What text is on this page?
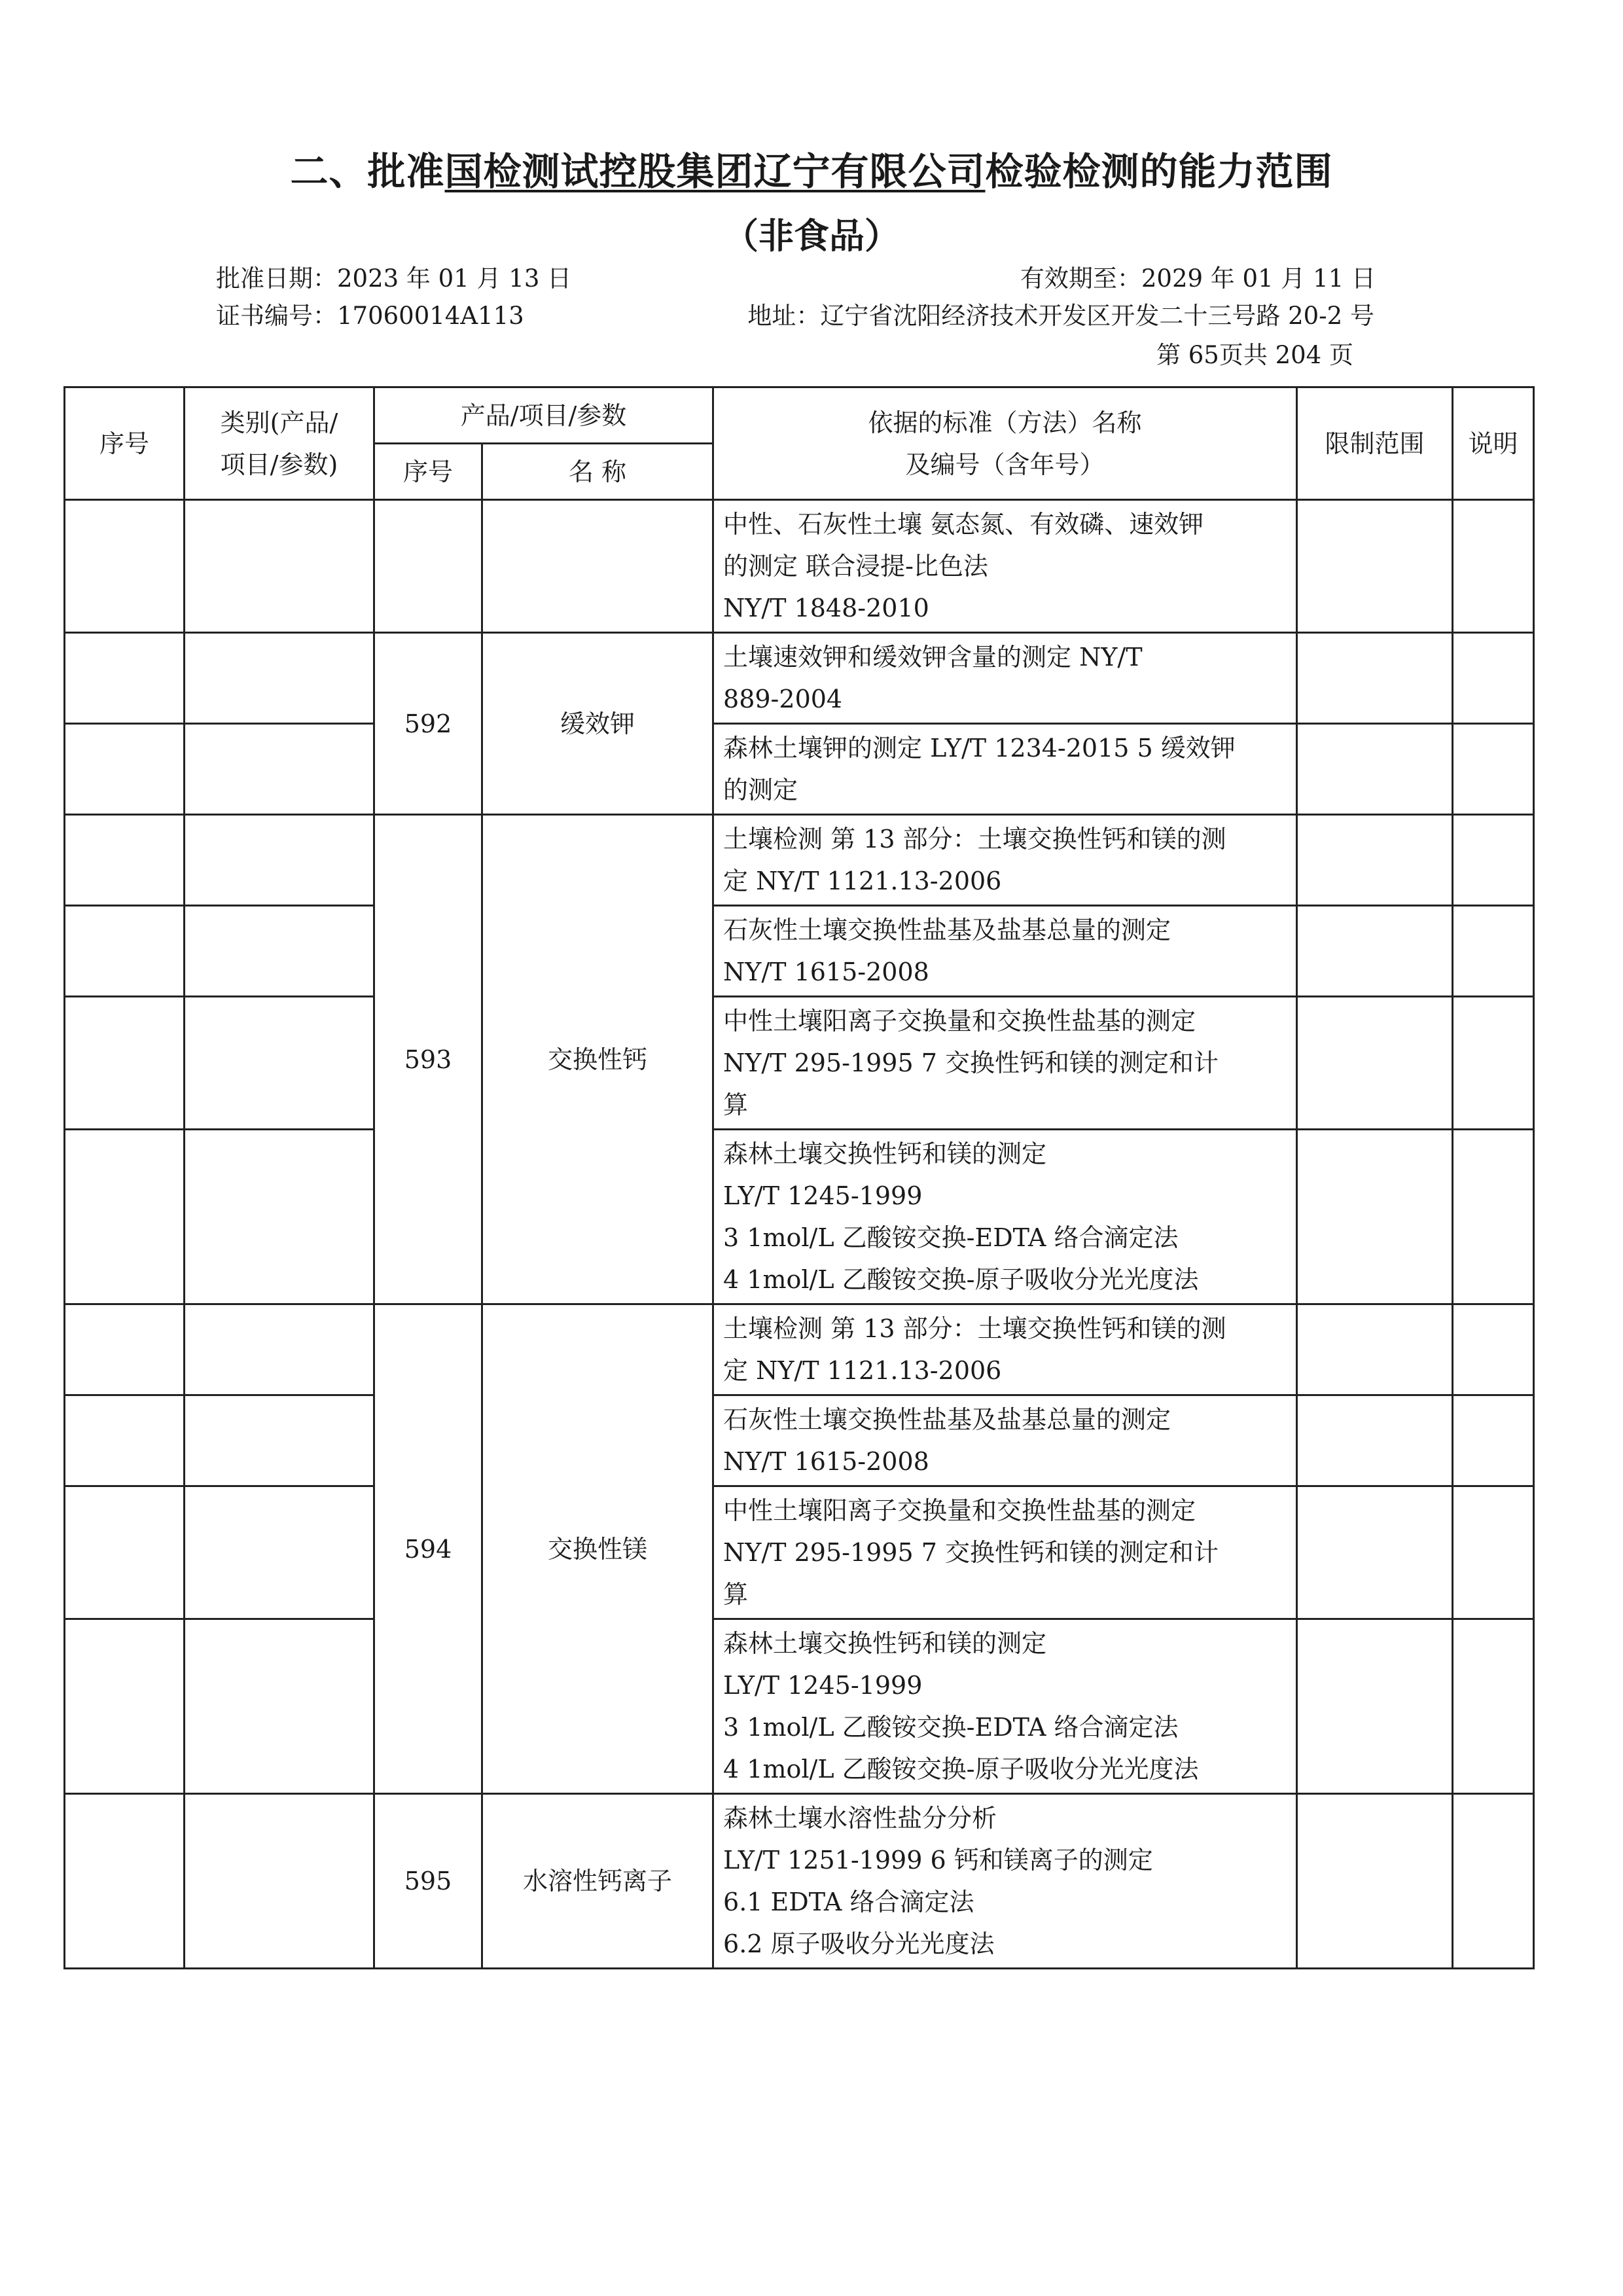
二、批准国检测试控股集团辽宁有限公司检验检测的能力范围
（非食品）
批准日期：2023 年 01 月 13 日	有效期至：2029 年 01 月 11 日
证书编号：17060014A113	地址：辽宁省沈阳经济技术开发区开发二十三号路 20-2 号
第 65页共 204 页
序号	类别(产品/
项目/参数)	产品/项目/参数		依据的标准（方法）名称
及编号（含年号）	限制范围	说明
		序号	名 称			

				中性、石灰性土壤 氨态氮、有效磷、速效钾
的测定 联合浸提-比色法
NY/T 1848-2010		

		592	缓效钾	土壤速效钾和缓效钾含量的测定 NY/T
889-2004		

				森林土壤钾的测定 LY/T 1234-2015 5 缓效钾
的测定		

		593	交换性钙	土壤检测 第 13 部分：土壤交换性钙和镁的测
定 NY/T 1121.13-2006		

				石灰性土壤交换性盐基及盐基总量的测定
NY/T 1615-2008		

				中性土壤阳离子交换量和交换性盐基的测定
NY/T 295-1995 7 交换性钙和镁的测定和计
算		

				森林土壤交换性钙和镁的测定
LY/T 1245-1999
3 1mol/L 乙酸铵交换-EDTA 络合滴定法
4 1mol/L 乙酸铵交换-原子吸收分光光度法		

		594	交换性镁	土壤检测 第 13 部分：土壤交换性钙和镁的测
定 NY/T 1121.13-2006		

				石灰性土壤交换性盐基及盐基总量的测定
NY/T 1615-2008		

				中性土壤阳离子交换量和交换性盐基的测定
NY/T 295-1995 7 交换性钙和镁的测定和计
算		

				森林土壤交换性钙和镁的测定
LY/T 1245-1999
3 1mol/L 乙酸铵交换-EDTA 络合滴定法
4 1mol/L 乙酸铵交换-原子吸收分光光度法		

		595	水溶性钙离子	森林土壤水溶性盐分分析
LY/T 1251-1999 6 钙和镁离子的测定
6.1 EDTA 络合滴定法
6.2 原子吸收分光光度法		
